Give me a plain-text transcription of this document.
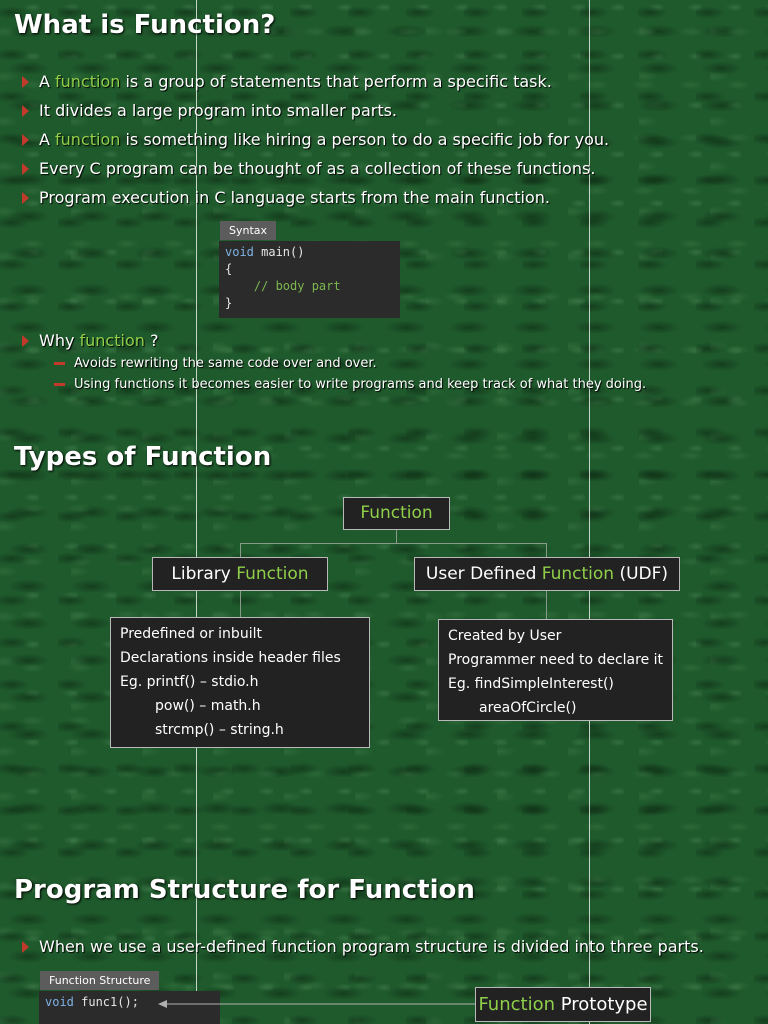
What is Function?
A function is a group of statements that perform a specific task.
It divides a large program into smaller parts.
A function is something like hiring a person to do a specific job for you.
Every C program can be thought of as a collection of these functions.
Program execution in C language starts from the main function.
Syntax
void main()
{
// body part
}
Why function ?
Avoids rewriting the same code over and over.
Using functions it becomes easier to write programs and keep track of what they doing.
Types of Function
Function
Library Function	User Defined Function (UDF)
Predefined or inbuilt
Declarations inside header files
Eg. printf() – stdio.h
pow() – math.h
strcmp() – string.h
Created by User
Programmer need to declare it
Eg. findSimpleInterest()
areaOfCircle()
Program Structure for Function
When we use a user-defined function program structure is divided into three parts.
Function Structure
void func1();	Function Prototype
